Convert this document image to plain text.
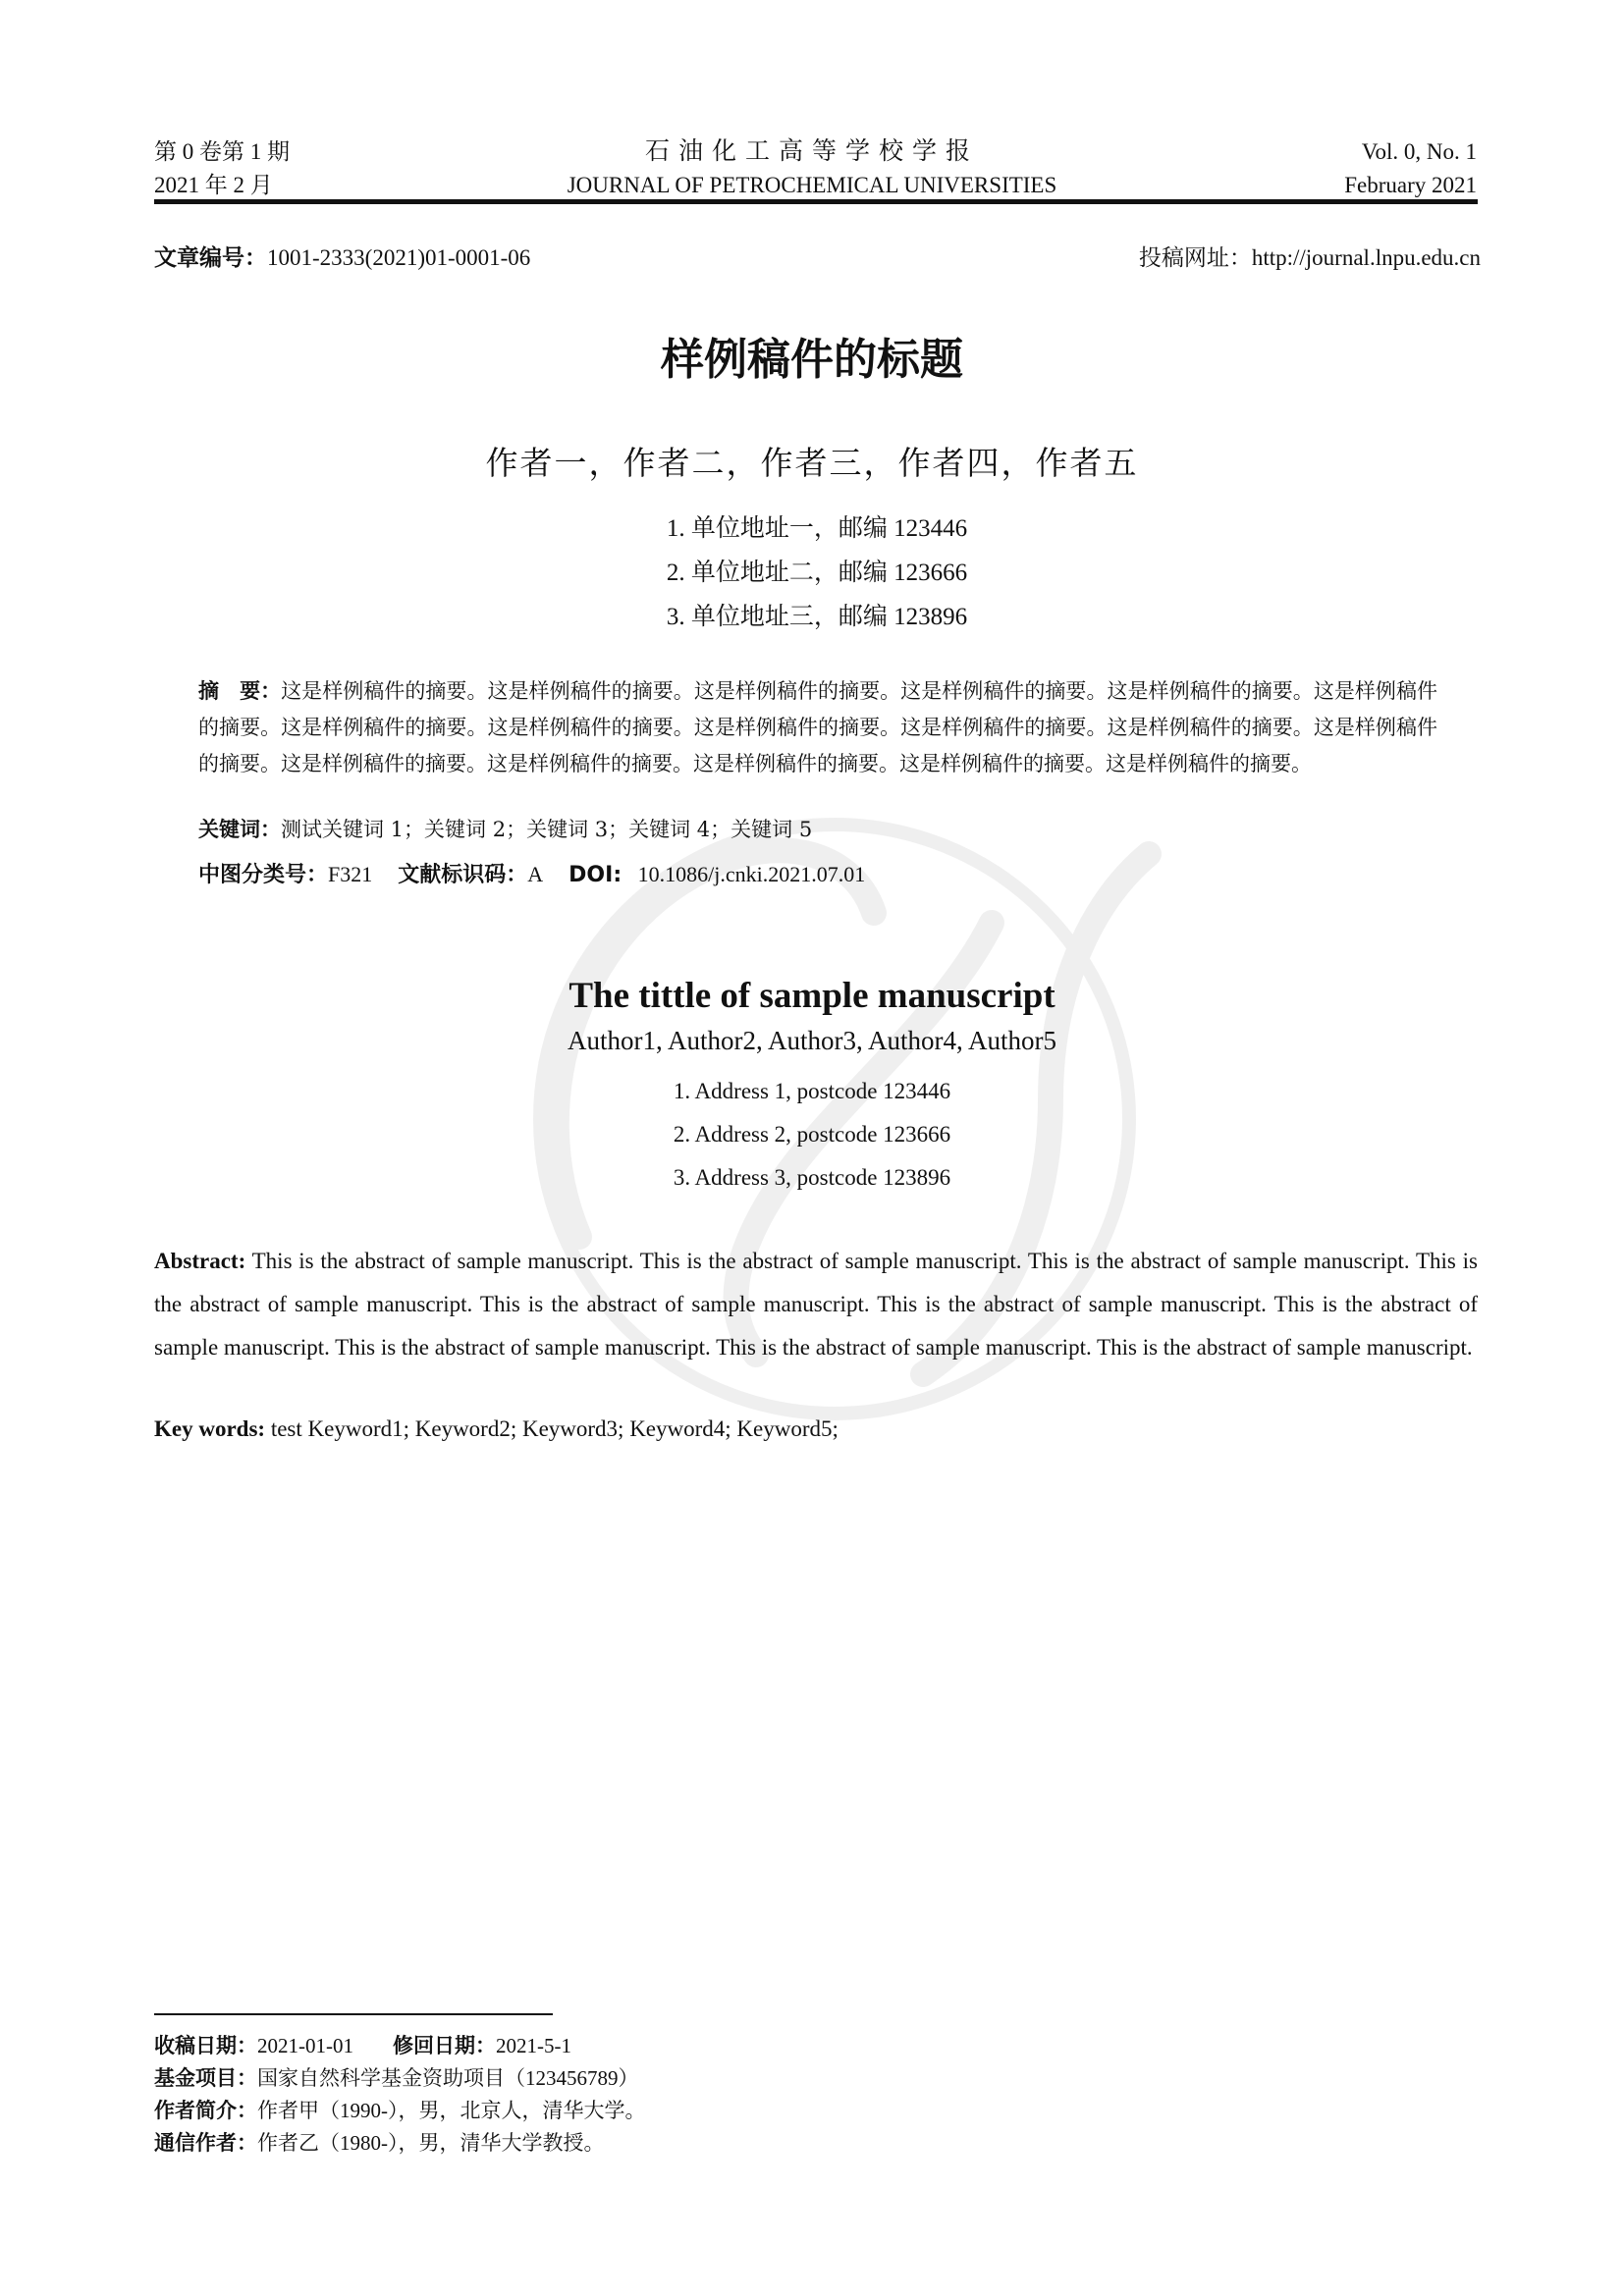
第 0 卷第 1 期
2021 年 2 月
石油化工高等学校学报
JOURNAL OF PETROCHEMICAL UNIVERSITIES
Vol. 0, No. 1
February 2021
文章编号：1001-2333(2021)01-0001-06	投稿网址：http://journal.lnpu.edu.cn
样例稿件的标题
作者一，作者二，作者三，作者四，作者五
1. 单位地址一，邮编 123446
2. 单位地址二，邮编 123666
3. 单位地址三，邮编 123896
摘　要：这是样例稿件的摘要。这是样例稿件的摘要。这是样例稿件的摘要。这是样例稿件的摘要。这是样例稿件的摘要。这是样例稿件的摘要。这是样例稿件的摘要。这是样例稿件的摘要。这是样例稿件的摘要。这是样例稿件的摘要。这是样例稿件的摘要。这是样例稿件的摘要。这是样例稿件的摘要。这是样例稿件的摘要。这是样例稿件的摘要。这是样例稿件的摘要。这是样例稿件的摘要。
关键词：测试关键词 1；关键词 2；关键词 3；关键词 4；关键词 5
中图分类号：F321 文献标识码：A DOI: 10.1086/j.cnki.2021.07.01
The tittle of sample manuscript
Author1, Author2, Author3, Author4, Author5
1. Address 1, postcode 123446
2. Address 2, postcode 123666
3. Address 3, postcode 123896
Abstract: This is the abstract of sample manuscript. This is the abstract of sample manuscript. This is the abstract of sample manuscript. This is the abstract of sample manuscript. This is the abstract of sample manuscript. This is the abstract of sample manuscript. This is the abstract of sample manuscript. This is the abstract of sample manuscript. This is the abstract of sample manuscript. This is the abstract of sample manuscript.
Key words: test Keyword1; Keyword2; Keyword3; Keyword4; Keyword5;
收稿日期：2021-01-01 修回日期：2021-5-1
基金项目：国家自然科学基金资助项目（123456789）
作者简介：作者甲（1990-），男，北京人，清华大学。
通信作者：作者乙（1980-），男，清华大学教授。
